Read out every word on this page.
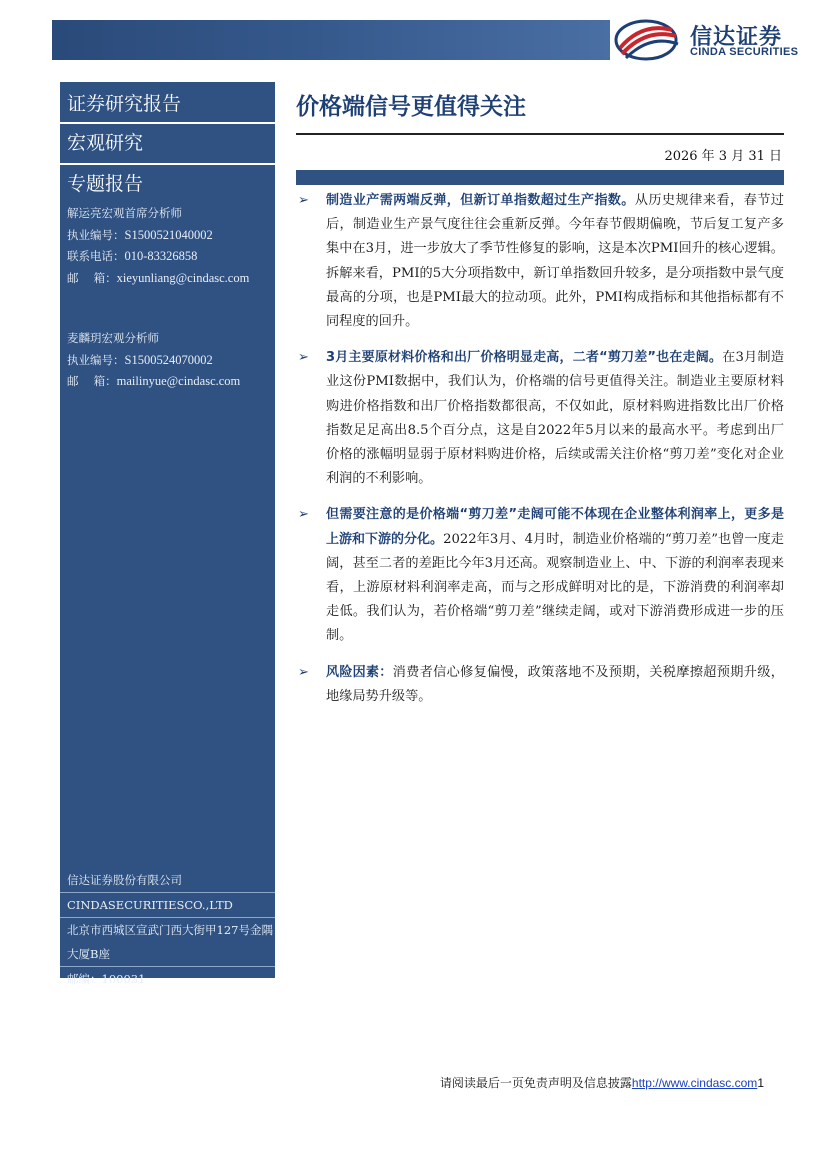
信达证券
CINDA SECURITIES
证券研究报告
宏观研究
专题报告
解运亮宏观首席分析师
执业编号：S1500521040002
联系电话：010-83326858
邮　 箱：xieyunliang@cindasc.com
麦麟玥宏观分析师
执业编号：S1500524070002
邮　 箱：mailinyue@cindasc.com
信达证券股份有限公司
CINDASECURITIESCO.,LTD
北京市西城区宣武门西大街甲127号金隅
大厦B座
邮编：100031
价格端信号更值得关注
2026 年 3 月 31 日
➢ 制造业产需两端反弹，但新订单指数超过生产指数。从历史规律来看，春节过后，制造业生产景气度往往会重新反弹。今年春节假期偏晚，节后复工复产多集中在3月，进一步放大了季节性修复的影响，这是本次PMI回升的核心逻辑。拆解来看，PMI的5大分项指数中，新订单指数回升较多，是分项指数中景气度最高的分项，也是PMI最大的拉动项。此外，PMI构成指标和其他指标都有不同程度的回升。
➢ 3月主要原材料价格和出厂价格明显走高，二者“剪刀差”也在走阔。在3月制造业这份PMI数据中，我们认为，价格端的信号更值得关注。制造业主要原材料购进价格指数和出厂价格指数都很高，不仅如此，原材料购进指数比出厂价格指数足足高出8.5个百分点，这是自2022年5月以来的最高水平。考虑到出厂价格的涨幅明显弱于原材料购进价格，后续或需关注价格“剪刀差”变化对企业利润的不利影响。
➢ 但需要注意的是价格端“剪刀差”走阔可能不体现在企业整体利润率上，更多是上游和下游的分化。2022年3月、4月时，制造业价格端的“剪刀差”也曾一度走阔，甚至二者的差距比今年3月还高。观察制造业上、中、下游的利润率表现来看，上游原材料利润率走高，而与之形成鲜明对比的是，下游消费的利润率却走低。我们认为，若价格端“剪刀差”继续走阔，或对下游消费形成进一步的压制。
➢ 风险因素：消费者信心修复偏慢，政策落地不及预期，关税摩擦超预期升级，地缘局势升级等。
请阅读最后一页免责声明及信息披露http://www.cindasc.com1
